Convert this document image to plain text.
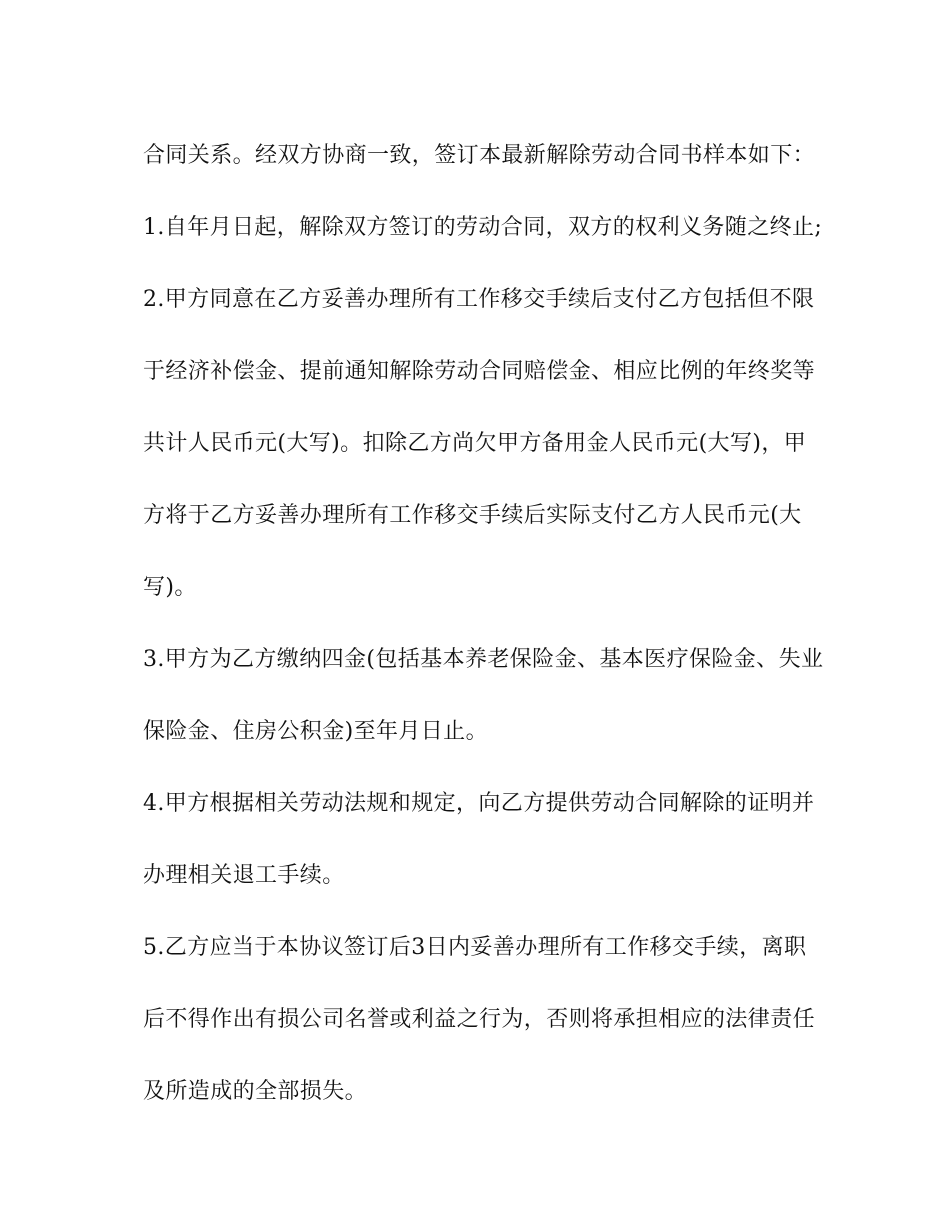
合同关系。经双方协商一致，签订本最新解除劳动合同书样本如下：
1.自年月日起，解除双方签订的劳动合同，双方的权利义务随之终止;
2.甲方同意在乙方妥善办理所有工作移交手续后支付乙方包括但不限
于经济补偿金、提前通知解除劳动合同赔偿金、相应比例的年终奖等
共计人民币元(大写)。扣除乙方尚欠甲方备用金人民币元(大写)，甲
方将于乙方妥善办理所有工作移交手续后实际支付乙方人民币元(大
写)。
3.甲方为乙方缴纳四金(包括基本养老保险金、基本医疗保险金、失业
保险金、住房公积金)至年月日止。
4.甲方根据相关劳动法规和规定，向乙方提供劳动合同解除的证明并
办理相关退工手续。
5.乙方应当于本协议签订后3日内妥善办理所有工作移交手续，离职
后不得作出有损公司名誉或利益之行为，否则将承担相应的法律责任
及所造成的全部损失。
